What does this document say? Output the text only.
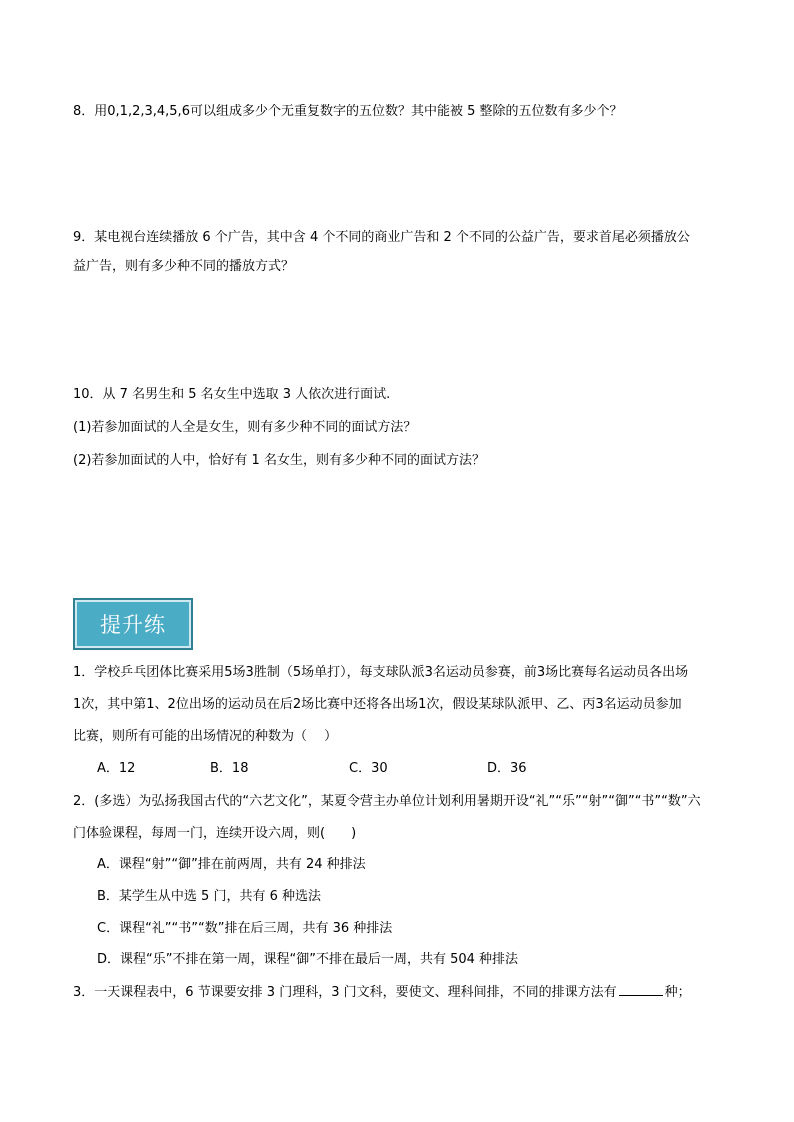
8．用0,1,2,3,4,5,6可以组成多少个无重复数字的五位数？其中能被 5 整除的五位数有多少个？
9．某电视台连续播放 6 个广告，其中含 4 个不同的商业广告和 2 个不同的公益广告，要求首尾必须播放公
益广告，则有多少种不同的播放方式？
10．从 7 名男生和 5 名女生中选取 3 人依次进行面试.
(1)若参加面试的人全是女生，则有多少种不同的面试方法？
(2)若参加面试的人中，恰好有 1 名女生，则有多少种不同的面试方法？
提升练
1．学校乒乓团体比赛采用5场3胜制（5场单打），每支球队派3名运动员参赛，前3场比赛每名运动员各出场
1次，其中第1、2位出场的运动员在后2场比赛中还将各出场1次，假设某球队派甲、乙、丙3名运动员参加
比赛，则所有可能的出场情况的种数为（　 ）
A．12	B．18	C．30	D．36
2．(多选）为弘扬我国古代的“六艺文化”，某夏令营主办单位计划利用暑期开设“礼”“乐”“射”“御”“书”“数”六
门体验课程，每周一门，连续开设六周，则(　　)
A．课程“射”“御”排在前两周，共有 24 种排法
B．某学生从中选 5 门，共有 6 种选法
C．课程“礼”“书”“数”排在后三周，共有 36 种排法
D．课程“乐”不排在第一周，课程“御”不排在最后一周，共有 504 种排法
3．一天课程表中，6 节课要安排 3 门理科，3 门文科，要使文、理科间排，不同的排课方法有	种；
